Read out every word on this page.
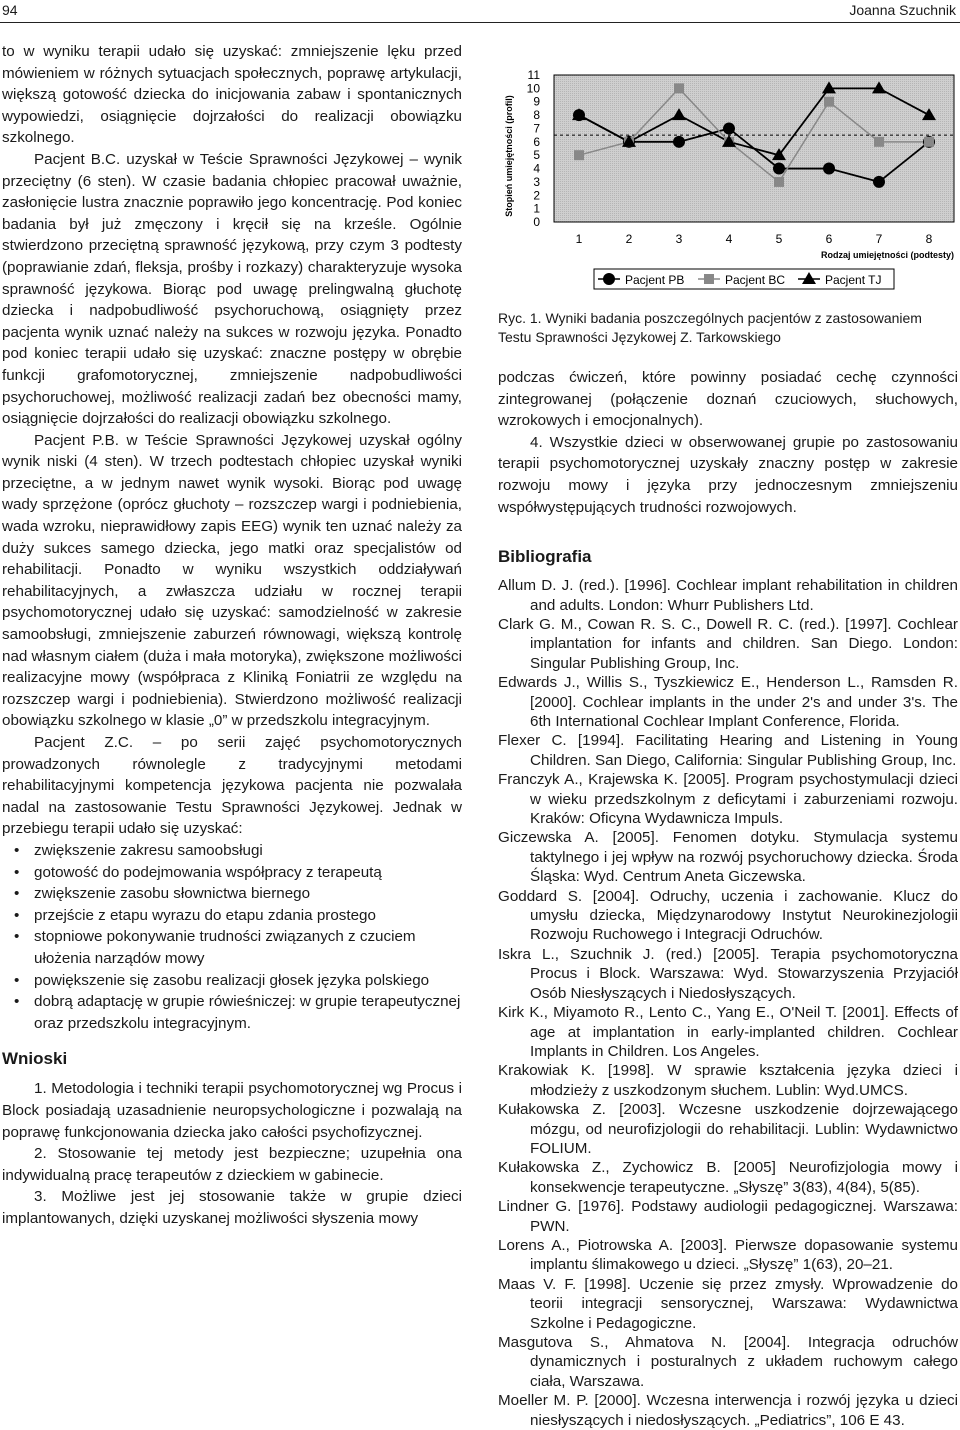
94	Joanna Szuchnik

to w wyniku terapii udało się uzyskać: zmniejszenie lęku przed mówieniem w różnych sytuacjach społecznych, poprawę artykulacji, większą gotowość dziecka do inicjowania zabaw i spontanicznych wypowiedzi, osiągnięcie dojrzałości do realizacji obowiązku szkolnego.

Pacjent B.C. uzyskał w Teście Sprawności Językowej – wynik przeciętny (6 sten). W czasie badania chłopiec pracował uważnie, zasłonięcie lustra znacznie poprawiło jego koncentrację. Pod koniec badania był już zmęczony i kręcił się na krześle. Ogólnie stwierdzono przeciętną sprawność językową, przy czym 3 podtesty (poprawianie zdań, fleksja, prośby i rozkazy) charakteryzuje wysoka sprawność językowa. Biorąc pod uwagę prelingwalną głuchotę dziecka i nadpobudliwość psychoruchową, osiągnięty przez pacjenta wynik uznać należy na sukces w rozwoju języka. Ponadto pod koniec terapii udało się uzyskać: znaczne postępy w obrębie funkcji grafomotorycznej, zmniejszenie nadpobudliwości psychoruchowej, możliwość realizacji zadań bez obecności mamy, osiągnięcie dojrzałości do realizacji obowiązku szkolnego.

Pacjent P.B. w Teście Sprawności Językowej uzyskał ogólny wynik niski (4 sten). W trzech podtestach chłopiec uzyskał wyniki przeciętne, a w jednym nawet wynik wysoki. Biorąc pod uwagę wady sprzężone (oprócz głuchoty – rozszczep wargi i podniebienia, wada wzroku, nieprawidłowy zapis EEG) wynik ten uznać należy za duży sukces samego dziecka, jego matki oraz specjalistów od rehabilitacji. Ponadto w wyniku wszystkich oddziaływań rehabilitacyjnych, a zwłaszcza udziału w rocznej terapii psychomotorycznej udało się uzyskać: samodzielność w zakresie samoobsługi, zmniejszenie zaburzeń równowagi, większą kontrolę nad własnym ciałem (duża i mała motoryka), zwiększone możliwości realizacyjne mowy (współpraca z Kliniką Foniatrii ze względu na rozszczep wargi i podniebienia). Stwierdzono możliwość realizacji obowiązku szkolnego w klasie „0” w przedszkolu integracyjnym.

Pacjent Z.C. – po serii zajęć psychomotorycznych prowadzonych równolegle z tradycyjnymi metodami rehabilitacyjnymi kompetencja językowa pacjenta nie pozwalała nadal na zastosowanie Testu Sprawności Językowej. Jednak w przebiegu terapii udało się uzyskać:

• zwiększenie zakresu samoobsługi
• gotowość do podejmowania współpracy z terapeutą
• zwiększenie zasobu słownictwa biernego
• przejście z etapu wyrazu do etapu zdania prostego
• stopniowe pokonywanie trudności związanych z czuciem ułożenia narządów mowy
• powiększenie się zasobu realizacji głosek języka polskiego
• dobrą adaptację w grupie rówieśniczej: w grupie terapeutycznej oraz przedszkolu integracyjnym.
Wnioski

1. Metodologia i techniki terapii psychomotorycznej wg Procus i Block posiadają uzasadnienie neuropsychologiczne i pozwalają na poprawę funkcjonowania dziecka jako całości psychofizycznej.

2. Stosowanie tej metody jest bezpieczne; uzupełnia ona indywidualną pracę terapeutów z dzieckiem w gabinecie.

3. Możliwe jest jej stosowanie także w grupie dzieci implantowanych, dzięki uzyskanej możliwości słyszenia mowy

Stopień umiejętności (profil)
0
1
2
3
4
5
6
7
8
9
10
11
1	2	3	4	5	6	7	8
Rodzaj umiejętności (podtesty)
Pacjent PB	Pacjent BC	Pacjent TJ

Ryc. 1. Wyniki badania poszczególnych pacjentów z zastosowaniem Testu Sprawności Językowej Z. Tarkowskiego

podczas ćwiczeń, które powinny posiadać cechę czynności zintegrowanej (połączenie doznań czuciowych, słuchowych, wzrokowych i emocjonalnych).

4. Wszystkie dzieci w obserwowanej grupie po zastosowaniu terapii psychomotorycznej uzyskały znaczny postęp w zakresie rozwoju mowy i języka przy jednoczesnym zmniejszeniu współwystępujących trudności rozwojowych.

Bibliografia

Allum D. J. (red.). [1996]. Cochlear implant rehabilitation in children and adults. London: Whurr Publishers Ltd.

Clark G. M., Cowan R. S. C., Dowell R. C. (red.). [1997]. Cochlear implantation for infants and children. San Diego. London: Singular Publishing Group, Inc.

Edwards J., Willis S., Tyszkiewicz E., Henderson L., Ramsden R. [2000]. Cochlear implants in the under 2's and under 3's. The 6th International Cochlear Implant Conference, Florida.

Flexer C. [1994]. Facilitating Hearing and Listening in Young Children. San Diego, California: Singular Publishing Group, Inc.

Franczyk A., Krajewska K. [2005]. Program psychostymulacji dzieci w wieku przedszkolnym z deficytami i zaburzeniami rozwoju. Kraków: Oficyna Wydawnicza Impuls.

Giczewska A. [2005]. Fenomen dotyku. Stymulacja systemu taktylnego i jej wpływ na rozwój psychoruchowy dziecka. Środa Śląska: Wyd. Centrum Aneta Giczewska.

Goddard S. [2004]. Odruchy, uczenia i zachowanie. Klucz do umysłu dziecka, Międzynarodowy Instytut Neurokinezjologii Rozwoju Ruchowego i Integracji Odruchów.

Iskra L., Szuchnik J. (red.) [2005]. Terapia psychomotoryczna Procus i Block. Warszawa: Wyd. Stowarzyszenia Przyjaciół Osób Niesłyszących i Niedosłyszących.

Kirk K., Miyamoto R., Lento C., Yang E., O'Neil T. [2001]. Effects of age at implantation in early-implanted children. Cochlear Implants in Children. Los Angeles.

Krakowiak K. [1998]. W sprawie kształcenia języka dzieci i młodzieży z uszkodzonym słuchem. Lublin: Wyd.UMCS.

Kułakowska Z. [2003]. Wczesne uszkodzenie dojrzewającego mózgu, od neurofizjologii do rehabilitacji. Lublin: Wydawnictwo FOLIUM.

Kułakowska Z., Zychowicz B. [2005] Neurofizjologia mowy i konsekwencje terapeutyczne. „Słyszę” 3(83), 4(84), 5(85).

Lindner G. [1976]. Podstawy audiologii pedagogicznej. Warszawa: PWN.

Lorens A., Piotrowska A. [2003]. Pierwsze dopasowanie systemu implantu ślimakowego u dzieci. „Słyszę” 1(63), 20–21.

Maas V. F. [1998]. Uczenie się przez zmysły. Wprowadzenie do teorii integracji sensorycznej, Warszawa: Wydawnictwa Szkolne i Pedagogiczne.

Masgutova S., Ahmatova N. [2004]. Integracja odruchów dynamicznych i posturalnych z układem ruchowym całego ciała, Warszawa.

Moeller M. P. [2000]. Wczesna interwencja i rozwój języka u dzieci niesłyszących i niedosłyszących. „Pediatrics”, 106 E 43.
